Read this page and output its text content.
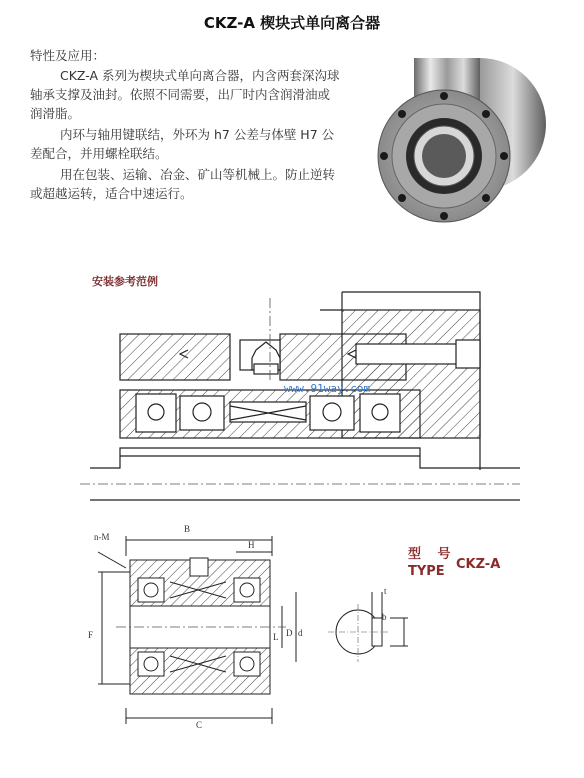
CKZ-A 楔块式单向离合器
特性及应用：

CKZ-A 系列为楔块式单向离合器，内含两套深沟球轴承支撑及油封。依照不同需要，出厂时内含润滑油或润滑脂。

内环与轴用键联结，外环为 h7 公差与体壁 H7 公差配合，并用螺栓联结。

用在包装、运输、冶金、矿山等机械上。防止逆转或超越运转，适合中速运行。

安装参考范例
www.91way.com
n-M
B
H
F	L D d
C
t
b
型 号
TYPE CKZ-A
